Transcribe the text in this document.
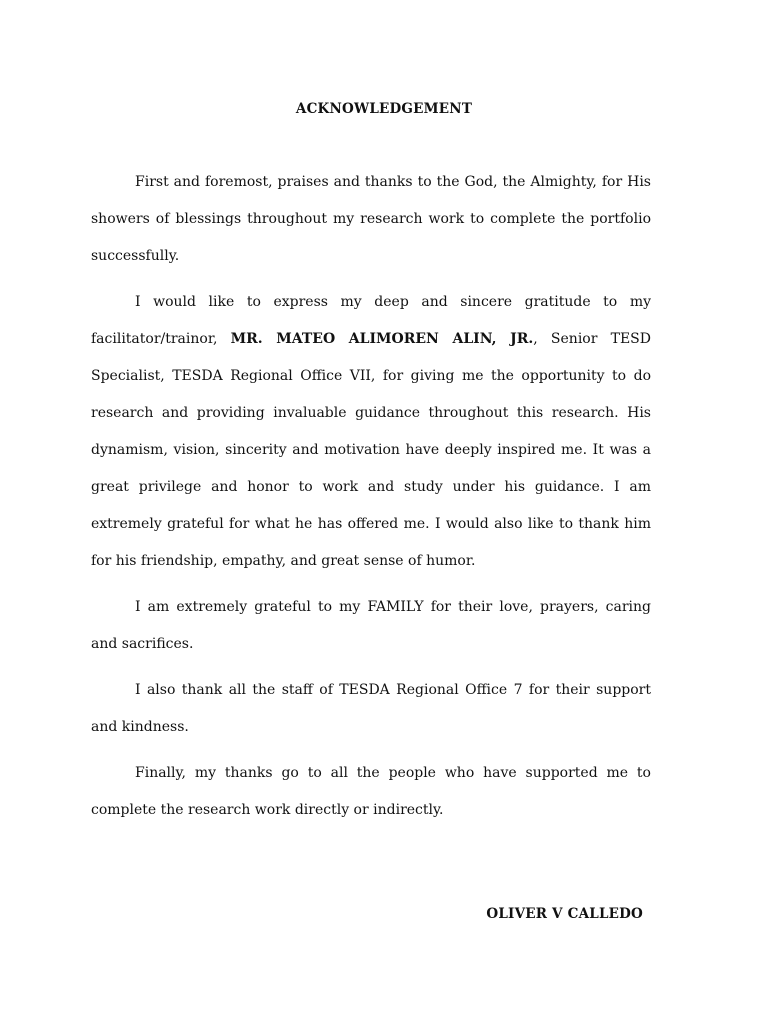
ACKNOWLEDGEMENT

First and foremost, praises and thanks to the God, the Almighty, for His showers of blessings throughout my research work to complete the portfolio successfully.

I would like to express my deep and sincere gratitude to my facilitator/trainor, MR. MATEO ALIMOREN ALIN, JR., Senior TESD Specialist, TESDA Regional Office VII, for giving me the opportunity to do research and providing invaluable guidance throughout this research. His dynamism, vision, sincerity and motivation have deeply inspired me. It was a great privilege and honor to work and study under his guidance. I am extremely grateful for what he has offered me. I would also like to thank him for his friendship, empathy, and great sense of humor.

I am extremely grateful to my FAMILY for their love, prayers, caring and sacrifices.

I also thank all the staff of TESDA Regional Office 7 for their support and kindness.

Finally, my thanks go to all the people who have supported me to complete the research work directly or indirectly.

OLIVER V CALLEDO
